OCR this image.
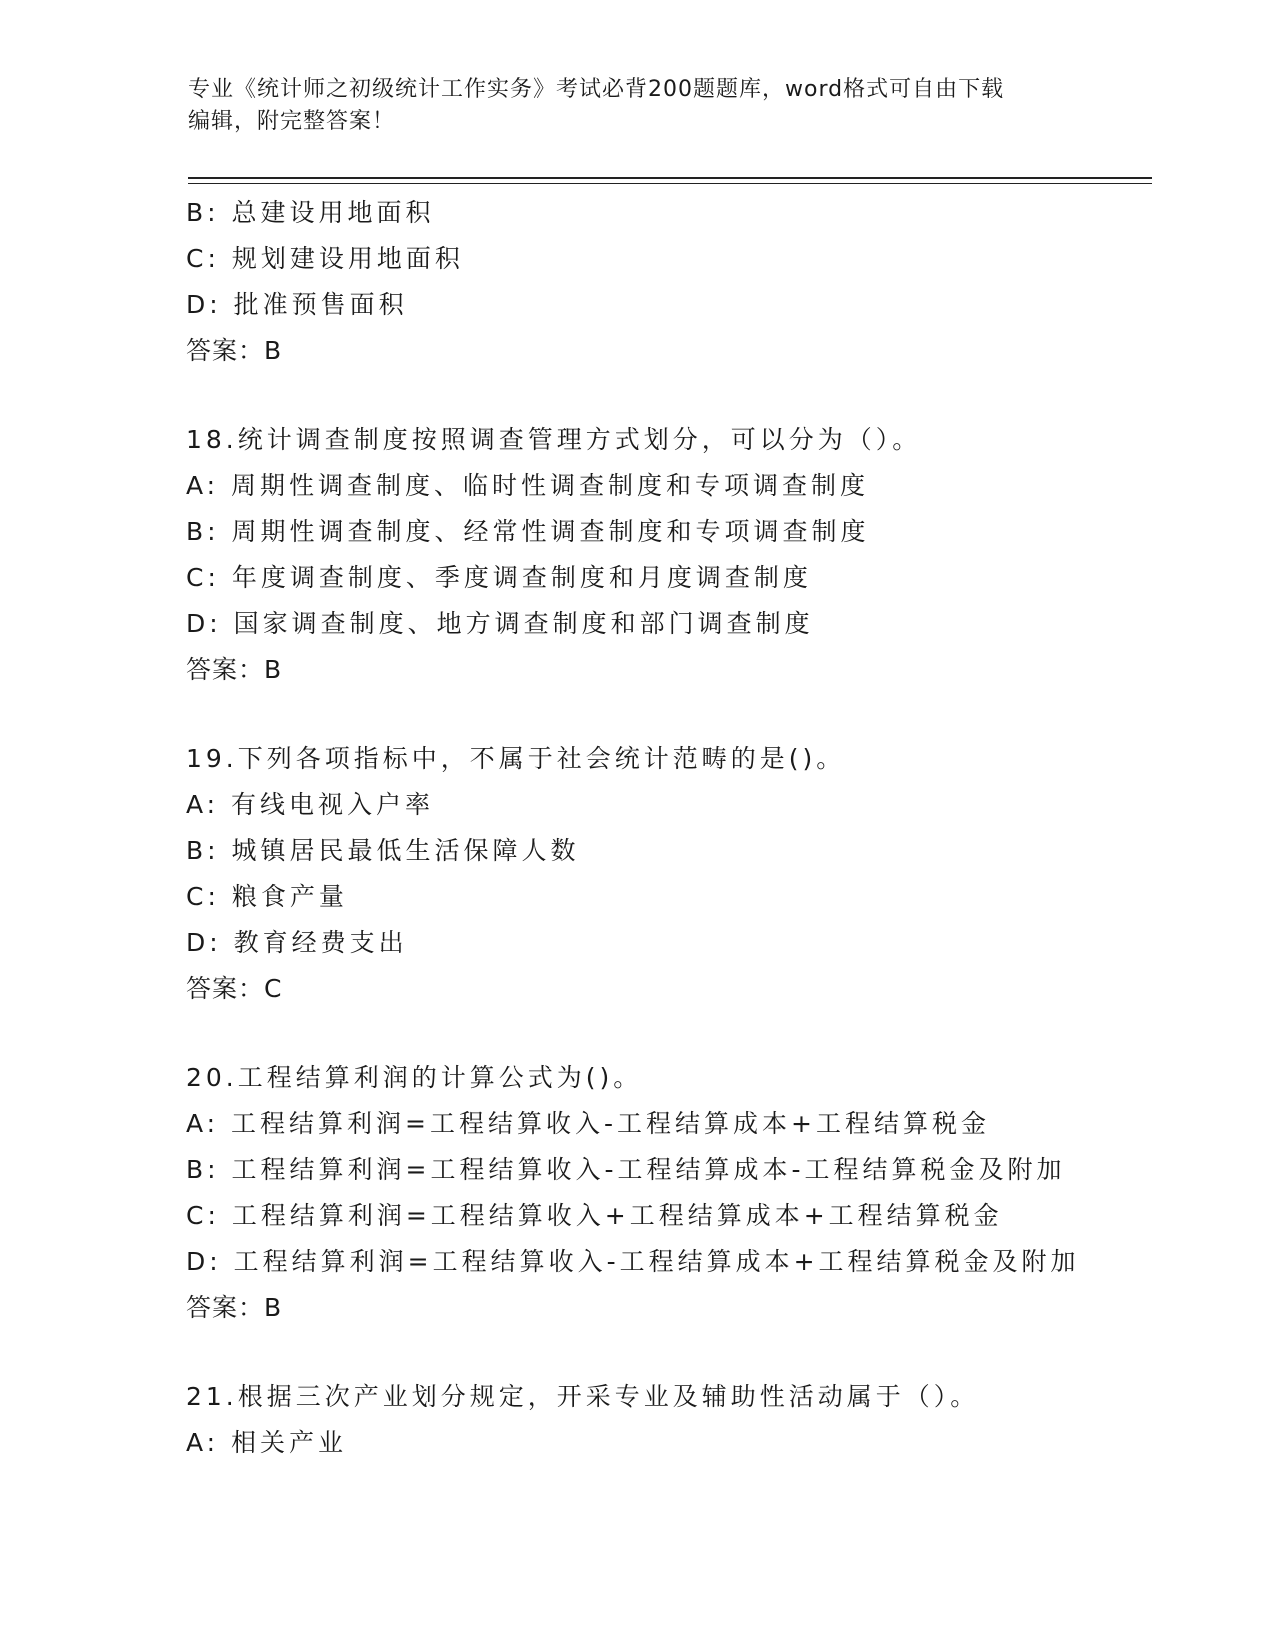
专业《统计师之初级统计工作实务》考试必背200题题库，word格式可自由下载
编辑，附完整答案！
B: 总建设用地面积
C: 规划建设用地面积
D: 批准预售面积
答案：B
18.统计调查制度按照调查管理方式划分，可以分为（）。
A: 周期性调查制度、临时性调查制度和专项调查制度
B: 周期性调查制度、经常性调查制度和专项调查制度
C: 年度调查制度、季度调查制度和月度调查制度
D: 国家调查制度、地方调查制度和部门调查制度
答案：B
19.下列各项指标中，不属于社会统计范畴的是()。
A: 有线电视入户率
B: 城镇居民最低生活保障人数
C: 粮食产量
D: 教育经费支出
答案：C
20.工程结算利润的计算公式为()。
A: 工程结算利润=工程结算收入-工程结算成本+工程结算税金
B: 工程结算利润=工程结算收入-工程结算成本-工程结算税金及附加
C: 工程结算利润=工程结算收入+工程结算成本+工程结算税金
D: 工程结算利润=工程结算收入-工程结算成本+工程结算税金及附加
答案：B
21.根据三次产业划分规定，开采专业及辅助性活动属于（）。
A: 相关产业
